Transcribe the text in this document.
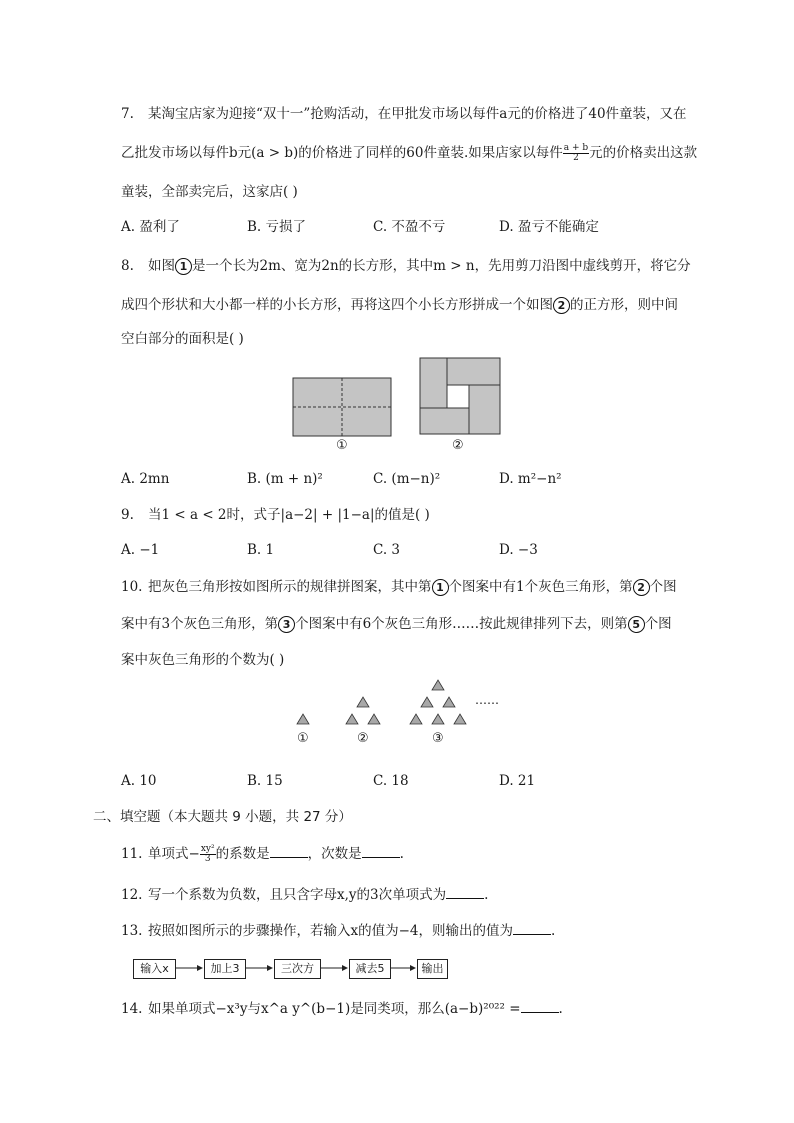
7. 某淘宝店家为迎接“双十一”抢购活动，在甲批发市场以每件a元的价格进了40件童装，又在
乙批发市场以每件b元(a > b)的价格进了同样的60件童装.如果店家以每件 $\frac{a + b}{2}$ 元的价格卖出这款
童装，全部卖完后，这家店( )
A. 盈利了	B. 亏损了	C. 不盈不亏	D. 盈亏不能确定
8. 如图 1 是一个长为2m、宽为2n的长方形，其中m > n，先用剪刀沿图中虚线剪开，将它分
成四个形状和大小都一样的小长方形，再将这四个小长方形拼成一个如图 2 的正方形，则中间
空白部分的面积是( )
①	②
A. 2mn	B. (m + n)²	C. (m−n)²	D. m²−n²
9. 当1 < a < 2时，式子|a−2| + |1−a|的值是( )
A. −1	B. 1	C. 3	D. −3
10. 把灰色三角形按如图所示的规律拼图案，其中第 1 个图案中有1个灰色三角形，第 2 个图
案中有3个灰色三角形，第 3 个图案中有6个灰色三角形……按此规律排列下去，则第 5 个图
案中灰色三角形的个数为( )
……
①	②	③
A. 10	B. 15	C. 18	D. 21
二、填空题（本大题共 9 小题，共 27 分）
11. 单项式− $\frac{\text{xy²}}{3}$ 的系数是	，次数是	.
12. 写一个系数为负数，且只含字母x,y的3次单项式为	.
13. 按照如图所示的步骤操作，若输入x的值为−4，则输出的值为	.
输入x	加上3	三次方	减去5	输出
14. 如果单项式−x³y与x^a y^(b−1)是同类项，那么(a−b)²⁰²² =	.
